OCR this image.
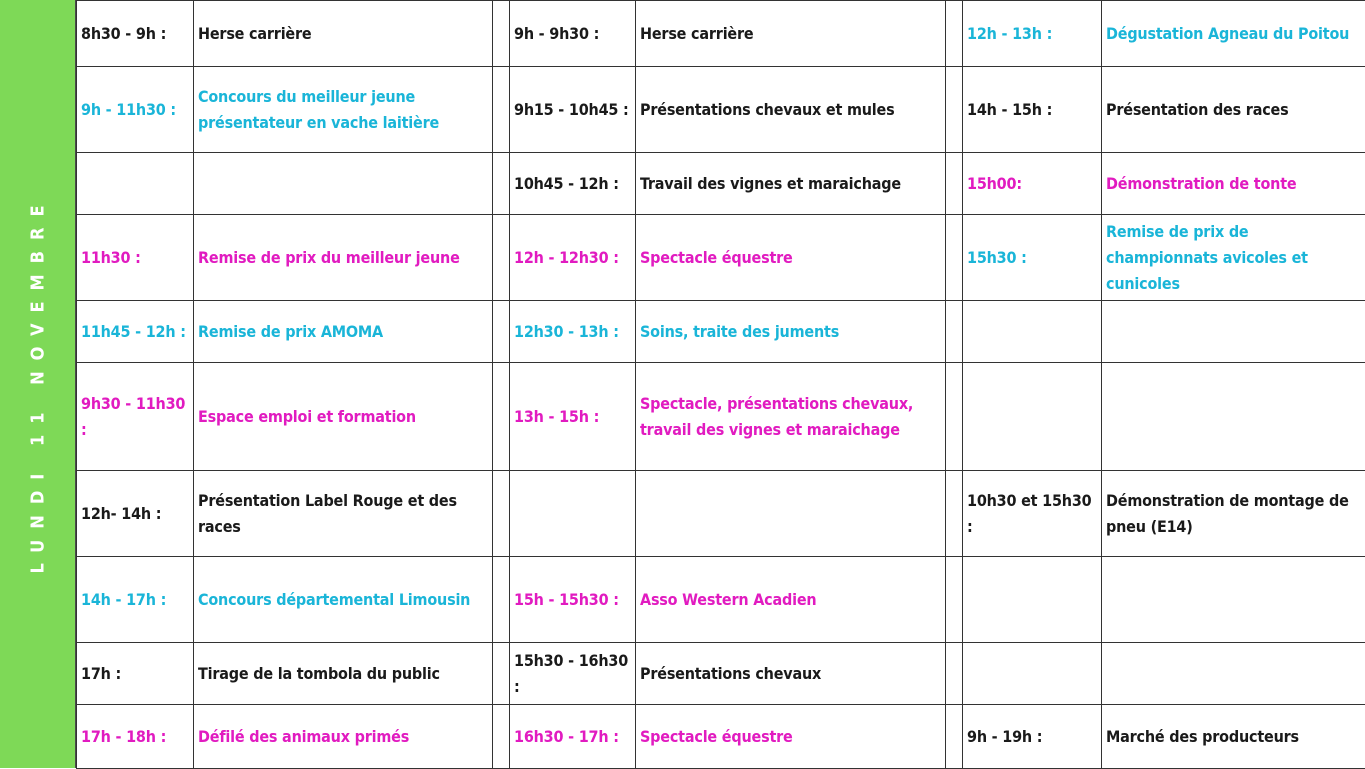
LUNDI 11 NOVEMBRE
8h30 - 9h :	Herse carrière		9h - 9h30 :	Herse carrière		12h - 13h :	Dégustation Agneau du Poitou
9h - 11h30 :	Concours du meilleur jeune présentateur en vache laitière		9h15 - 10h45 :	Présentations chevaux et mules		14h - 15h :	Présentation des races
			10h45 - 12h :	Travail des vignes et maraichage		15h00:	Démonstration de tonte
11h30 :	Remise de prix du meilleur jeune		12h - 12h30 :	Spectacle équestre		15h30 :	Remise de prix de championnats avicoles et cunicoles
11h45 - 12h :	Remise de prix AMOMA		12h30 - 13h :	Soins, traite des juments			
9h30 - 11h30 :	Espace emploi et formation		13h - 15h :	Spectacle, présentations chevaux, travail des vignes et maraichage			
12h- 14h :	Présentation Label Rouge et des races					10h30 et 15h30 :	Démonstration de montage de pneu (E14)
14h - 17h :	Concours départemental Limousin		15h - 15h30 :	Asso Western Acadien			
17h :	Tirage de la tombola du public		15h30 - 16h30 :	Présentations chevaux			
17h - 18h :	Défilé des animaux primés		16h30 - 17h :	Spectacle équestre		9h - 19h :	Marché des producteurs
